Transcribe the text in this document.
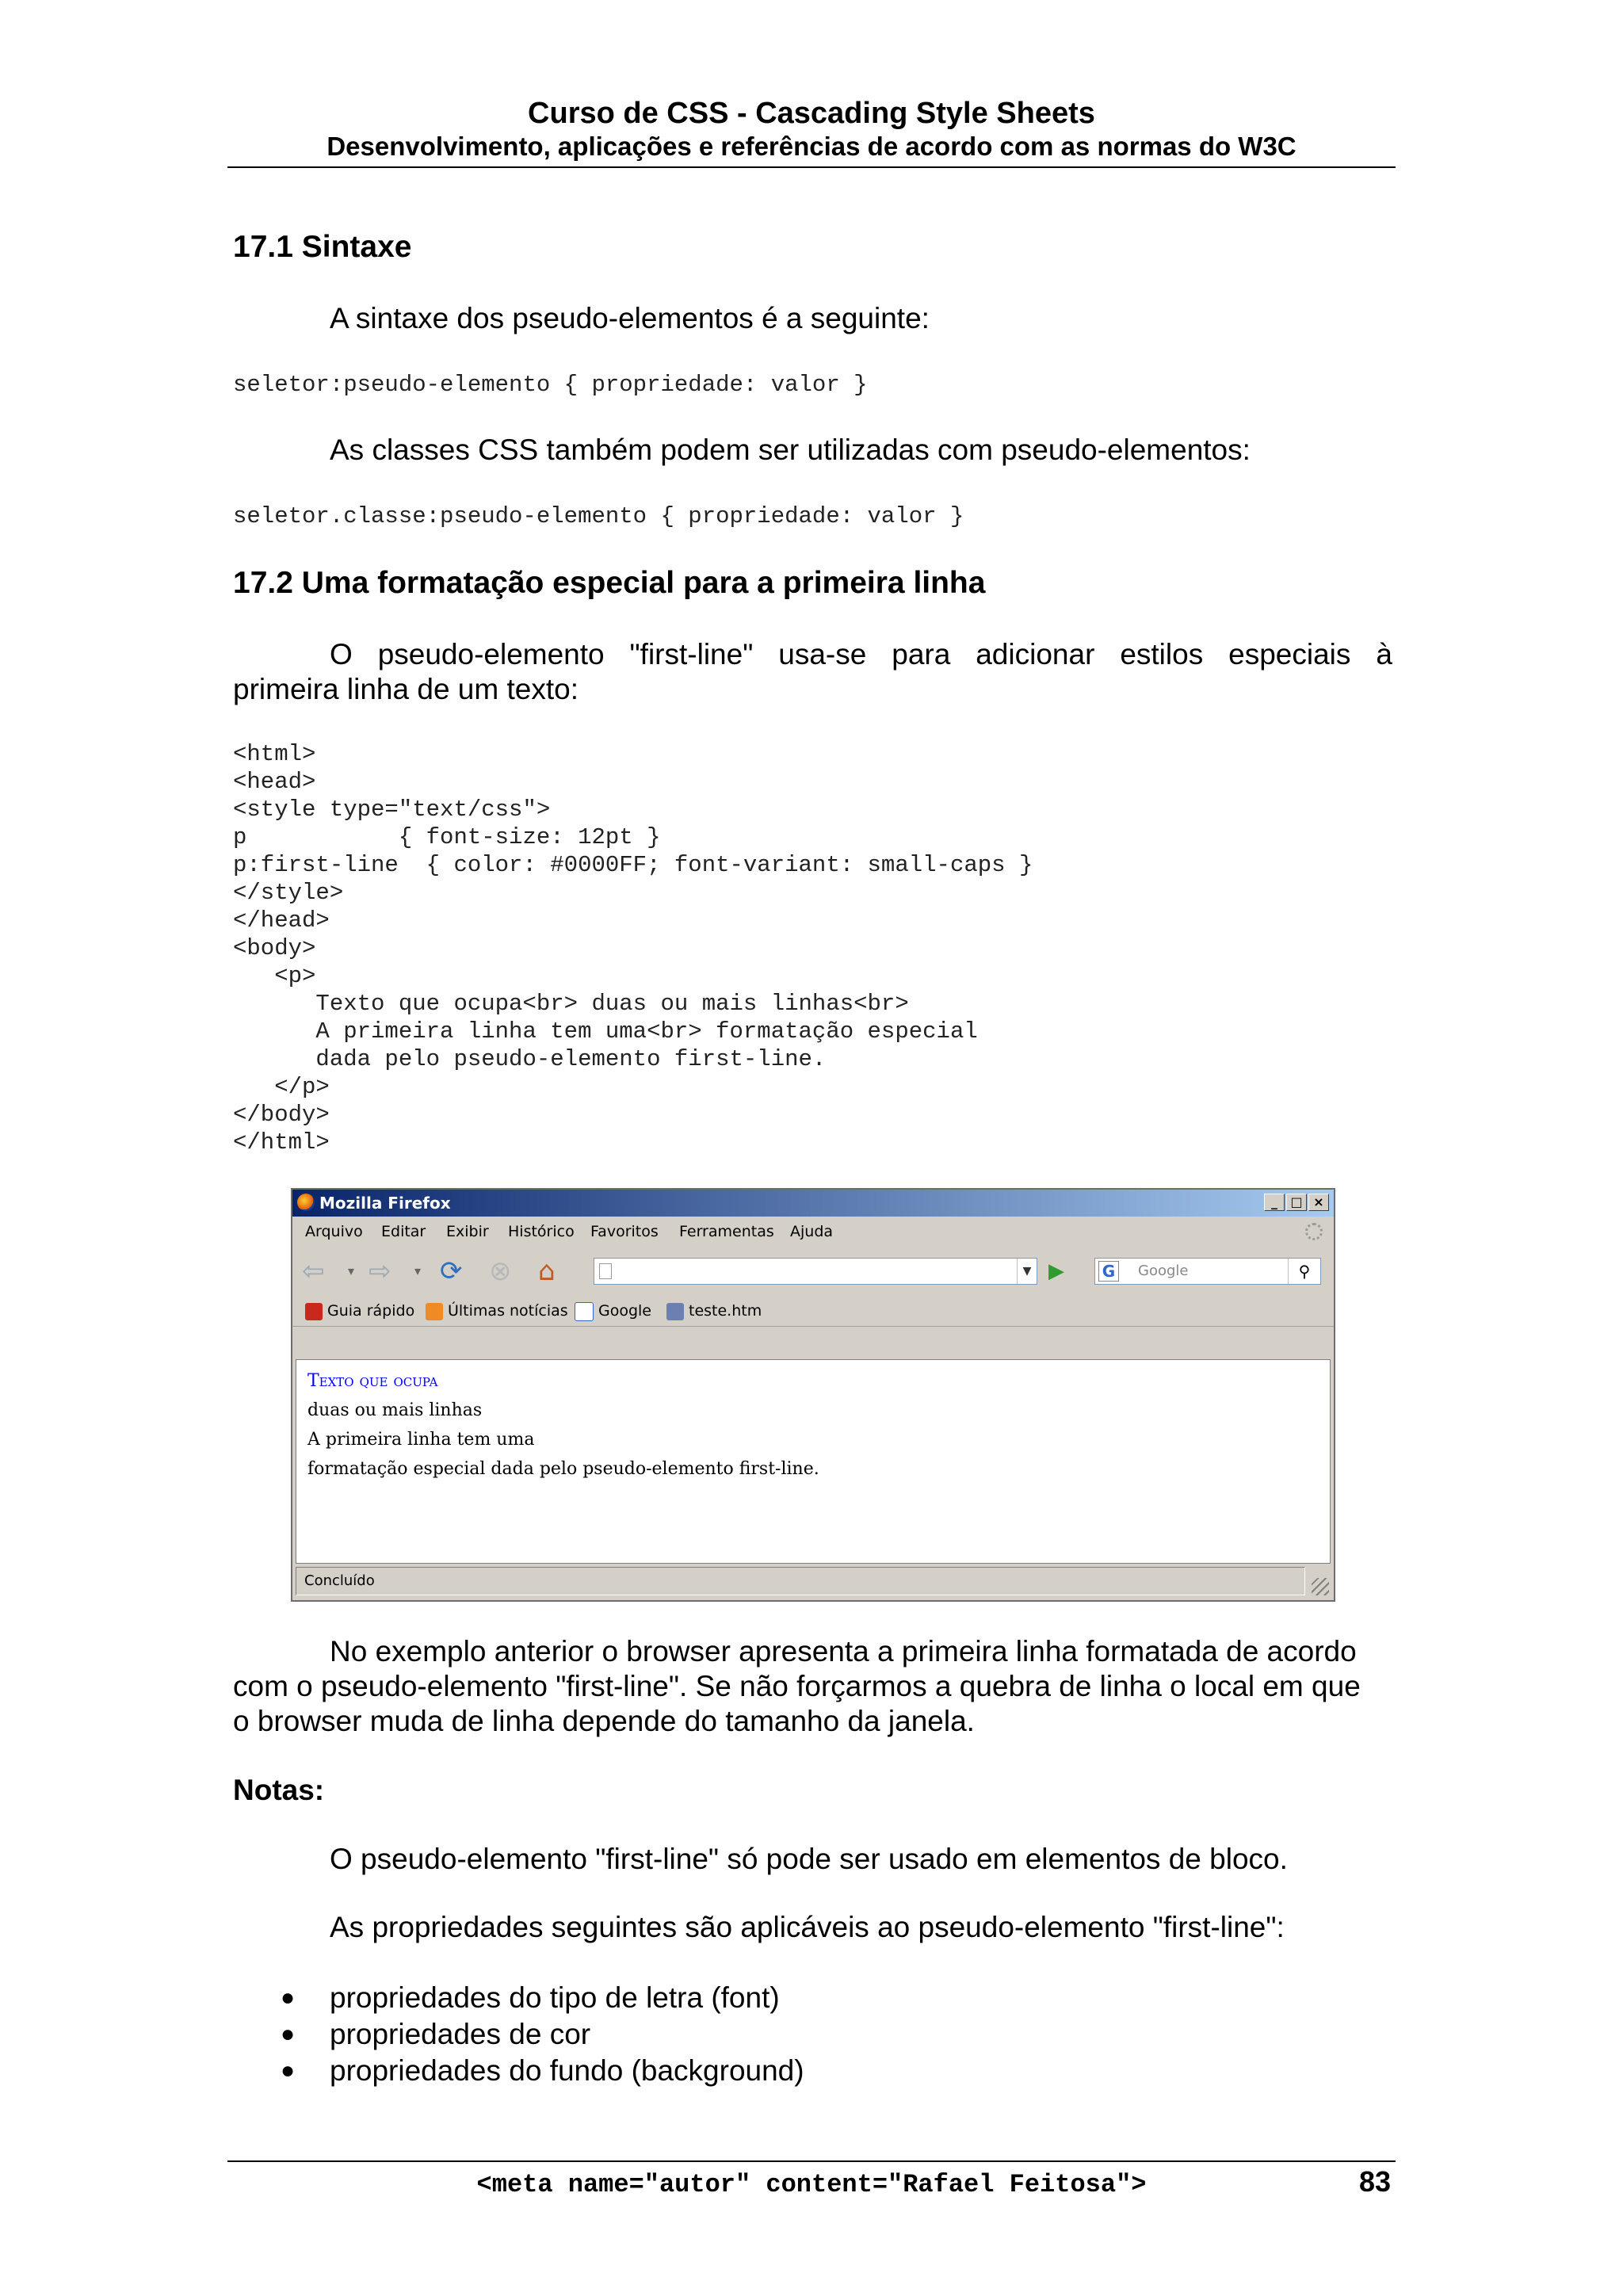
Curso de CSS - Cascading Style Sheets
Desenvolvimento, aplicações e referências de acordo com as normas do W3C
17.1 Sintaxe
A sintaxe dos pseudo-elementos é a seguinte:
seletor:pseudo-elemento { propriedade: valor }
As classes CSS também podem ser utilizadas com pseudo-elementos:
seletor.classe:pseudo-elemento { propriedade: valor }
17.2 Uma formatação especial para a primeira linha
O pseudo-elemento "first-line" usa-se para adicionar estilos especiais à
primeira linha de um texto:
<html>
<head>
<style type="text/css">
p           { font-size: 12pt }
p:first-line  { color: #0000FF; font-variant: small-caps }
</style>
</head>
<body>
<p>
Texto que ocupa<br> duas ou mais linhas<br>
A primeira linha tem uma<br> formatação especial
dada pelo pseudo-elemento first-line.
</p>
</body>
</html>
Mozilla Firefox	_	□ ×
Arquivo Editar Exibir Histórico Favoritos Ferramentas Ajuda
⇦ ▾ ⇨ ▾ ⟳ ⊗ ⌂	▼ ▶	G Google	⚲
Guia rápido	Últimas notícias	Google	teste.htm
Texto que ocupa
duas ou mais linhas
A primeira linha tem uma
formatação especial dada pelo pseudo-elemento first-line.
Concluído
No exemplo anterior o browser apresenta a primeira linha formatada de acordo
com o pseudo-elemento "first-line". Se não forçarmos a quebra de linha o local em que
o browser muda de linha depende do tamanho da janela.
Notas:
O pseudo-elemento "first-line" só pode ser usado em elementos de bloco.
As propriedades seguintes são aplicáveis ao pseudo-elemento "first-line":
● propriedades do tipo de letra (font)
● propriedades de cor
● propriedades do fundo (background)
<meta name="autor" content="Rafael Feitosa">	83
